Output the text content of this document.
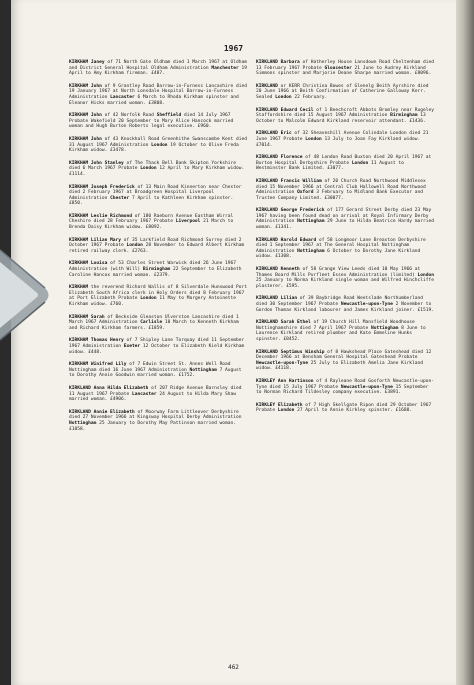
1967
KIRKHAM Janey of 71 North Gate Oldham died 1 March 1967 at Oldham and District General Hospital Oldham Administration Manchester 19 April to Amy Kirkham fireman. £487.
KIRKHAM John of 9 Grantley Road Barrow-in-Furness Lancashire died 19 January 1967 at North Lonsdale Hospital Barrow-in-Furness Administration Lancaster 6 March to Rhoda Kirkham spinster and Eleanor Hicks married woman. £3808.
KIRKHAM John of 42 Norfolk Road Sheffield died 14 July 1967 Probate Wakefield 20 September to Mary Alice Hancock married woman and Hugh Burton Roberts legal executive. £960.
KIRKHAM John of 43 Knockhall Road Greenhithe Swanscombe Kent died 31 August 1967 Administration London 19 October to Olive Freda Kirkham widow. £3478.
KIRKHAM John Stanley of The Thack Bell Bank Skipton Yorkshire died 6 March 1967 Probate London 12 April to Mary Kirkham widow. £1114.
KIRKHAM Joseph Frederick of 13 Main Road Kinnerton near Chester died 2 February 1967 at Broadgreen Hospital Liverpool Administration Chester 7 April to Kathleen Kirkham spinster. £850.
KIRKHAM Leslie Richmond of 180 Raeburn Avenue Eastham Wirral Cheshire died 28 February 1967 Probate Liverpool 21 March to Brenda Daisy Kirkham widow. £8092.
KIRKHAM Lilian Mary of 35 Larkfield Road Richmond Surrey died 2 October 1967 Probate London 28 November to Edward Albert Kirkham retired railway clerk. £2763.
KIRKHAM Louisa of 53 Charles Street Warwick died 26 June 1967 Administration (with Will) Birmingham 22 September to Elizabeth Caroline Hancox married woman. £2379.
KIRKHAM the reverend Richard Wallis of 8 Silverdale Hunswood Port Elizabeth South Africa clerk in Holy Orders died 8 February 1967 at Port Elizabeth Probate London 11 May to Margery Antoinette Kirkham widow. £760.
KIRKHAM Sarah of Beckside Gleaston Ulverston Lancashire died 1 March 1967 Administration Carlisle 10 March to Kenneth Kirkham and Richard Kirkham farmers. £1859.
KIRKHAM Thomas Henry of 7 Shipley Lane Torquay died 11 September 1967 Administration Exeter 12 October to Elizabeth Kield Kirkham widow. £448.
KIRKHAM Winifred Lily of 7 Edwin Street St. Annes Well Road Nottingham died 16 June 1967 Administration Nottingham 7 August to Dorothy Annie Goodwin married woman. £1752.
KIRKLAND Anna Hilda Elizabeth of 207 Ridge Avenue Barnsley died 11 August 1967 Probate Lancaster 24 August to Hilda Mary Shaw married woman. £4906.
KIRKLAND Annie Elizabeth of Moorway Farm Littleover Derbyshire died 27 November 1966 at Kingsway Hospital Derby Administration Nottingham 25 January to Dorothy May Pattinson married woman. £1058.
KIRKLAND Barbara of Hatherley House Lansdown Road Cheltenham died 13 February 1967 Probate Gloucester 21 June to Audrey Kirkland Simmons spinster and Marjorie Deane Sharpe married woman. £8096.
KIRKLAND or KERR Christina Bowes of Glenelg Beith Ayrshire died 20 June 1966 at Beith Confirmation of Catherine Galloway Kerr. Sealed London 22 February.
KIRKLAND Edward Cecil of 1 Beechcroft Abbots Bromley near Rugeley Staffordshire died 15 August 1967 Administration Birmingham 13 October to Malcolm Edward Kirkland reservoir attendant. £1436.
KIRKLAND Eric of 32 Sheaveshill Avenue Colindale London died 21 June 1967 Probate London 13 July to Joan Fay Kirkland widow. £7014.
KIRKLAND Florence of 48 London Road Buxton died 20 April 1967 at Burton Hospital Derbyshire Probate London 11 August to Westminster Bank Limited. £3077.
KIRKLAND Francis William of 20 Church Road Northwood Middlesex died 15 November 1966 at Central Club Hallowell Road Northwood Administration Oxford 3 February to Midland Bank Executor and Trustee Company Limited. £30077.
KIRKLAND George Frederick of 177 Gerard Street Derby died 23 May 1967 having been found dead on arrival at Royal Infirmary Derby Administration Nottingham 29 June to Hilda Beatrice Hardy married woman. £1341.
KIRKLAND Harold Edward of 58 Longmoor Lane Breaston Derbyshire died 1 September 1967 at The General Hospital Nottingham Administration Nottingham 6 October to Dorothy Jane Kirkland widow. £1308.
KIRKLAND Kenneth of 58 Grange View Leeds died 10 May 1966 at Thames Board Mills Purfleet Essex Administration (limited) London 25 January to Norma Kirkland single woman and Wilfred Hinchcliffe plasterer. £595.
KIRKLAND Lilian of 39 Baybridge Road Weetslade Northumberland died 30 September 1967 Probate Newcastle-upon-Tyne 2 November to Gordon Thomas Kirkland labourer and James Kirkland joiner. £1519.
KIRKLAND Sarah Ethel of 19 Church Hill Mansfield Woodhouse Nottinghamshire died 7 April 1967 Probate Nottingham 8 June to Laurence Kirkland retired plumber and Kate Emmeline Hunks spinster. £8452.
KIRKLAND Septimus Winship of 8 Hawkshead Place Gateshead died 12 December 1966 at Bensham General Hospital Gateshead Probate Newcastle-upon-Tyne 25 July to Elizabeth Amelia Jane Kirkland widow. £4118.
KIRKLEY Ann Hartinson of 4 Rayleane Road Gosforth Newcastle-upon-Tyne died 15 July 1967 Probate Newcastle-upon-Tyne 15 September to Norman Richard Tildesley company executive. £3891.
KIRKLEY Elizabeth of 7 High Skellgate Ripon died 29 October 1967 Probate London 27 April to Annie Kirkley spinster. £1688.
462
